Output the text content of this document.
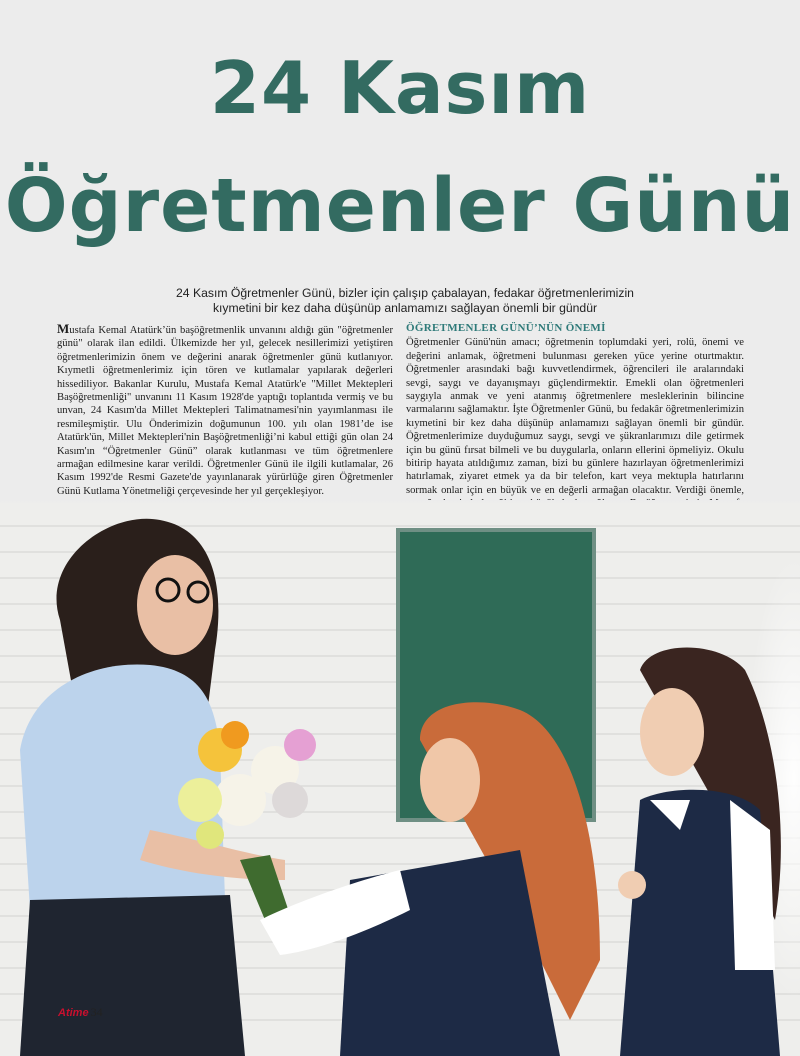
24 Kasım
Öğretmenler Günü
24 Kasım Öğretmenler Günü, bizler için çalışıp çabalayan, fedakar öğretmenlerimizin
kıymetini bir kez daha düşünüp anlamamızı sağlayan önemli bir gündür
Mustafa Kemal Atatürk’ün başöğretmenlik unvanını aldığı gün "öğretmenler günü" olarak ilan edildi. Ülkemizde her yıl, gelecek nesillerimizi yetiştiren öğretmenlerimizin önem ve değerini anarak öğretmenler günü kutlanıyor. Kıymetli öğretmenlerimiz için tören ve kutlamalar yapılarak değerleri hissediliyor. Bakanlar Kurulu, Mustafa Kemal Atatürk'e "Millet Mektepleri Başöğretmenliği" unvanını 11 Kasım 1928'de yaptığı toplantıda vermiş ve bu unvan, 24 Kasım'da Millet Mektepleri Talimatnamesi'nin yayımlanması ile resmileşmiştir. Ulu Önderimizin doğumunun 100. yılı olan 1981’de ise Atatürk'ün, Millet Mektepleri'nin Başöğretmenliği’ni kabul ettiği gün olan 24 Kasım'ın “Öğretmenler Günü” olarak kutlanması ve tüm öğretmenlere armağan edilmesine karar verildi. Öğretmenler Günü ile ilgili kutlamalar, 26 Kasım 1992'de Resmi Gazete'de yayınlanarak yürürlüğe giren Öğretmenler Günü Kutlama Yönetmeliği çerçevesinde her yıl gerçekleşiyor.
ÖĞRETMENLER GÜNÜ’NÜN ÖNEMİ
Öğretmenler Günü'nün amacı; öğretmenin toplumdaki yeri, rolü, önemi ve değerini anlamak, öğretmeni bulunması gereken yüce yerine oturtmaktır. Öğretmenler arasındaki bağı kuvvetlendirmek, öğrencileri ile aralarındaki sevgi, saygı ve dayanışmayı güçlendirmektir. Emekli olan öğretmenleri saygıyla anmak ve yeni atanmış öğretmenlere mesleklerinin bilincine varmalarını sağlamaktır. İşte Öğretmenler Günü, bu fedakâr öğretmenlerimizin kıymetini bir kez daha düşünüp anlamamızı sağlayan önemli bir gündür. Öğretmenlerimize duyduğumuz saygı, sevgi ve şükranlarımızı dile getirmek için bu günü fırsat bilmeli ve bu duygularla, onların ellerini öpmeliyiz. Okulu bitirip hayata atıldığımız zaman, bizi bu günlere hazırlayan öğretmenlerimizi hatırlamak, ziyaret etmek ya da bir telefon, kart veya mektupla hatırlarını sormak onlar için en büyük ve en değerli armağan olacaktır. Verdiği önemle,
Atime 34
